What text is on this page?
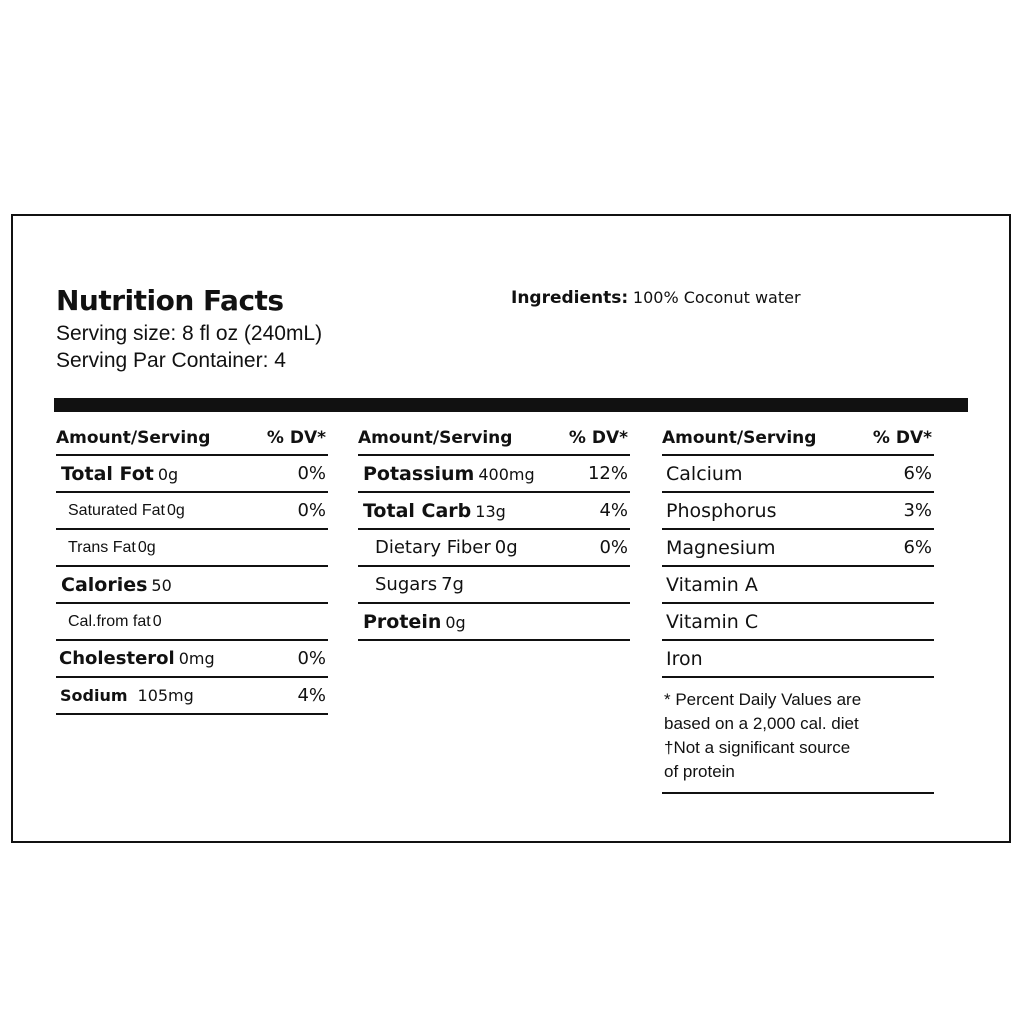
Nutrition Facts

Serving size: 8 fl oz (240mL)

Serving Par Container: 4

Ingredients: 100% Coconut water

Amount/Serving	% DV*
Total Fot 0g	0%
Saturated Fat 0g	0%
Trans Fat 0g
Calories 50
Cal.from fat 0
Cholesterol 0mg	0%
Sodium 105mg	4%
Amount/Serving	% DV*
Potassium 400mg	12%
Total Carb 13g	4%
Dietary Fiber 0g	0%
Sugars 7g
Protein 0g
Amount/Serving	% DV*
Calcium	6%
Phosphorus	3%
Magnesium	6%
Vitamin A
Vitamin C
Iron

* Percent Daily Values are

based on a 2,000 cal. diet

†Not a significant source

of protein
